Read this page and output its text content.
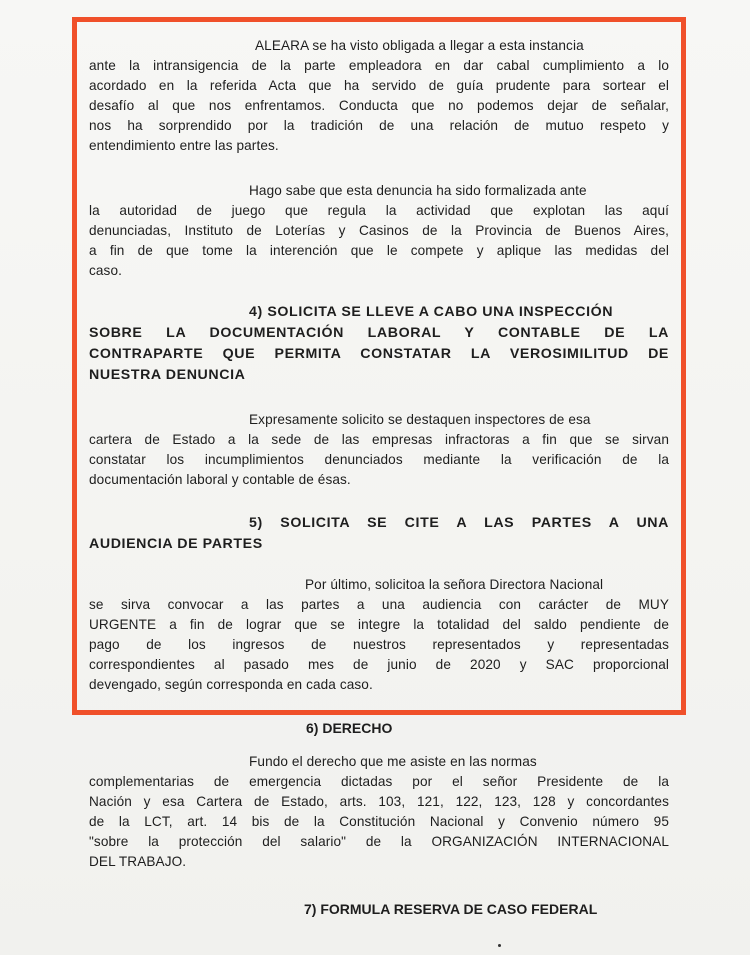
ALEARA se ha visto obligada a llegar a esta instancia
ante la intransigencia de la parte empleadora en dar cabal cumplimiento a lo
acordado en la referida Acta que ha servido de guía prudente para sortear el
desafío al que nos enfrentamos. Conducta que no podemos dejar de señalar,
nos ha sorprendido por la tradición de una relación de mutuo respeto y
entendimiento entre las partes.
Hago sabe que esta denuncia ha sido formalizada ante
la autoridad de juego que regula la actividad que explotan las aquí
denunciadas, Instituto de Loterías y Casinos de la Provincia de Buenos Aires,
a fin de que tome la interención que le compete y aplique las medidas del
caso.
4) SOLICITA SE LLEVE A CABO UNA INSPECCIÓN
SOBRE LA DOCUMENTACIÓN LABORAL Y CONTABLE DE LA
CONTRAPARTE QUE PERMITA CONSTATAR LA VEROSIMILITUD DE
NUESTRA DENUNCIA
Expresamente solicito se destaquen inspectores de esa
cartera de Estado a la sede de las empresas infractoras a fin que se sirvan
constatar los incumplimientos denunciados mediante la verificación de la
documentación laboral y contable de ésas.
5) SOLICITA SE CITE A LAS PARTES A UNA
AUDIENCIA DE PARTES
Por último, solicitoa la señora Directora Nacional
se sirva convocar a las partes a una audiencia con carácter de MUY
URGENTE a fin de lograr que se integre la totalidad del saldo pendiente de
pago de los ingresos de nuestros representados y representadas
correspondientes al pasado mes de junio de 2020 y SAC proporcional
devengado, según corresponda en cada caso.
6) DERECHO
Fundo el derecho que me asiste en las normas
complementarias de emergencia dictadas por el señor Presidente de la
Nación y esa Cartera de Estado, arts. 103, 121, 122, 123, 128 y concordantes
de la LCT, art. 14 bis de la Constitución Nacional y Convenio número 95
"sobre la protección del salario" de la ORGANIZACIÓN INTERNACIONAL
DEL TRABAJO.
7) FORMULA RESERVA DE CASO FEDERAL
